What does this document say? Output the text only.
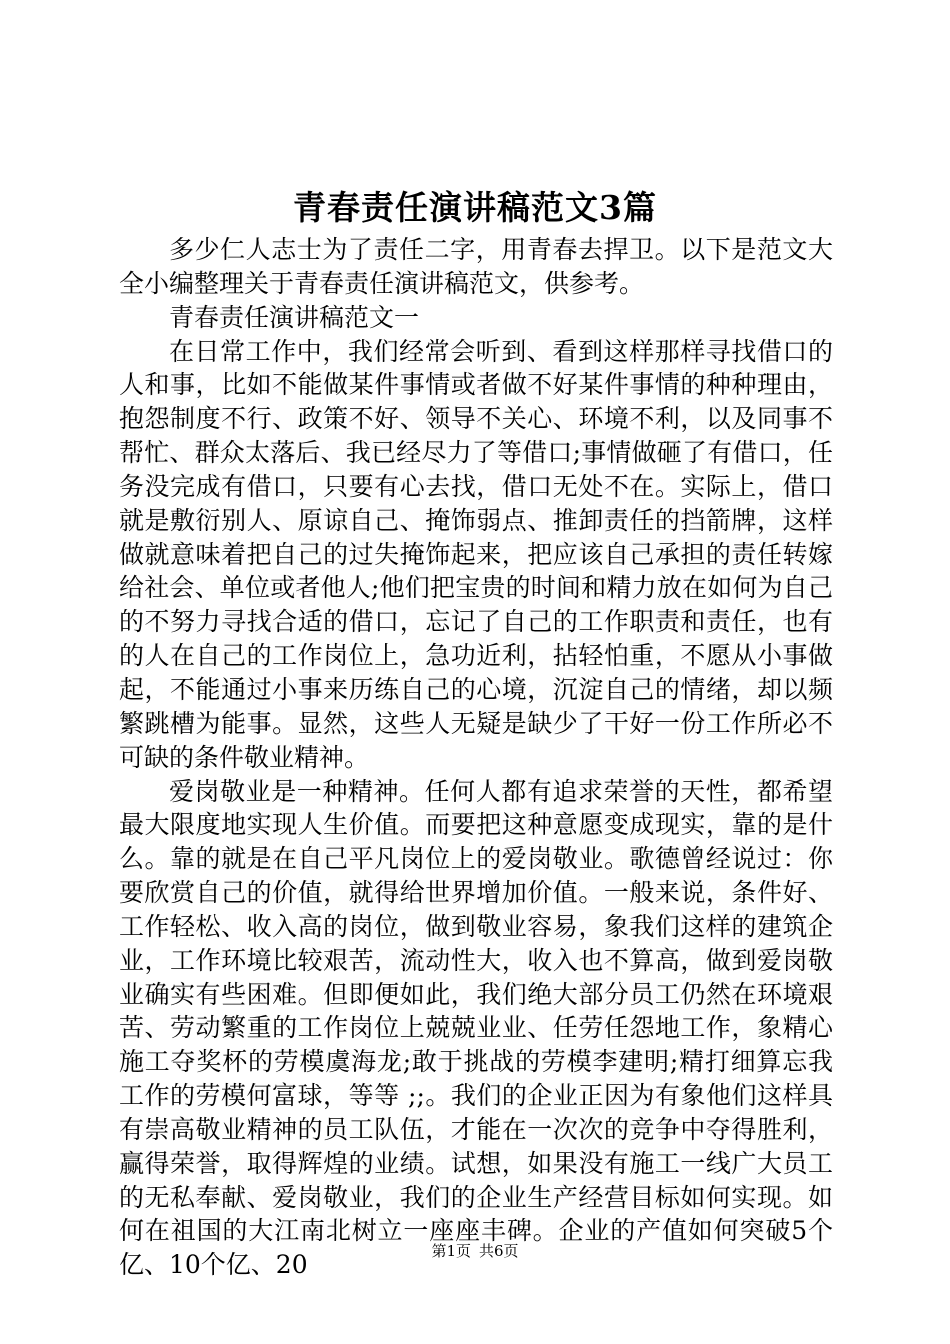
青春责任演讲稿范文3篇

多少仁人志士为了责任二字，用青春去捍卫。以下是范文大全小编整理关于青春责任演讲稿范文，供参考。

青春责任演讲稿范文一

在日常工作中，我们经常会听到、看到这样那样寻找借口的人和事，比如不能做某件事情或者做不好某件事情的种种理由，抱怨制度不行、政策不好、领导不关心、环境不利，以及同事不帮忙、群众太落后、我已经尽力了等借口;事情做砸了有借口，任务没完成有借口，只要有心去找，借口无处不在。实际上，借口就是敷衍别人、原谅自己、掩饰弱点、推卸责任的挡箭牌，这样做就意味着把自己的过失掩饰起来，把应该自己承担的责任转嫁给社会、单位或者他人;他们把宝贵的时间和精力放在如何为自己的不努力寻找合适的借口，忘记了自己的工作职责和责任，也有的人在自己的工作岗位上，急功近利，拈轻怕重，不愿从小事做起，不能通过小事来历练自己的心境，沉淀自己的情绪，却以频繁跳槽为能事。显然，这些人无疑是缺少了干好一份工作所必不可缺的条件敬业精神。

爱岗敬业是一种精神。任何人都有追求荣誉的天性，都希望最大限度地实现人生价值。而要把这种意愿变成现实，靠的是什么。靠的就是在自己平凡岗位上的爱岗敬业。歌德曾经说过：你要欣赏自己的价值，就得给世界增加价值。一般来说，条件好、工作轻松、收入高的岗位，做到敬业容易，象我们这样的建筑企业，工作环境比较艰苦，流动性大，收入也不算高，做到爱岗敬业确实有些困难。但即便如此，我们绝大部分员工仍然在环境艰苦、劳动繁重的工作岗位上兢兢业业、任劳任怨地工作，象精心施工夺奖杯的劳模虞海龙;敢于挑战的劳模李建明;精打细算忘我工作的劳模何富球，等等 ;;。我们的企业正因为有象他们这样具有崇高敬业精神的员工队伍，才能在一次次的竞争中夺得胜利，赢得荣誉，取得辉煌的业绩。试想，如果没有施工一线广大员工的无私奉献、爱岗敬业，我们的企业生产经营目标如何实现。如何在祖国的大江南北树立一座座丰碑。企业的产值如何突破5个亿、10个亿、20	第1页 共6页
